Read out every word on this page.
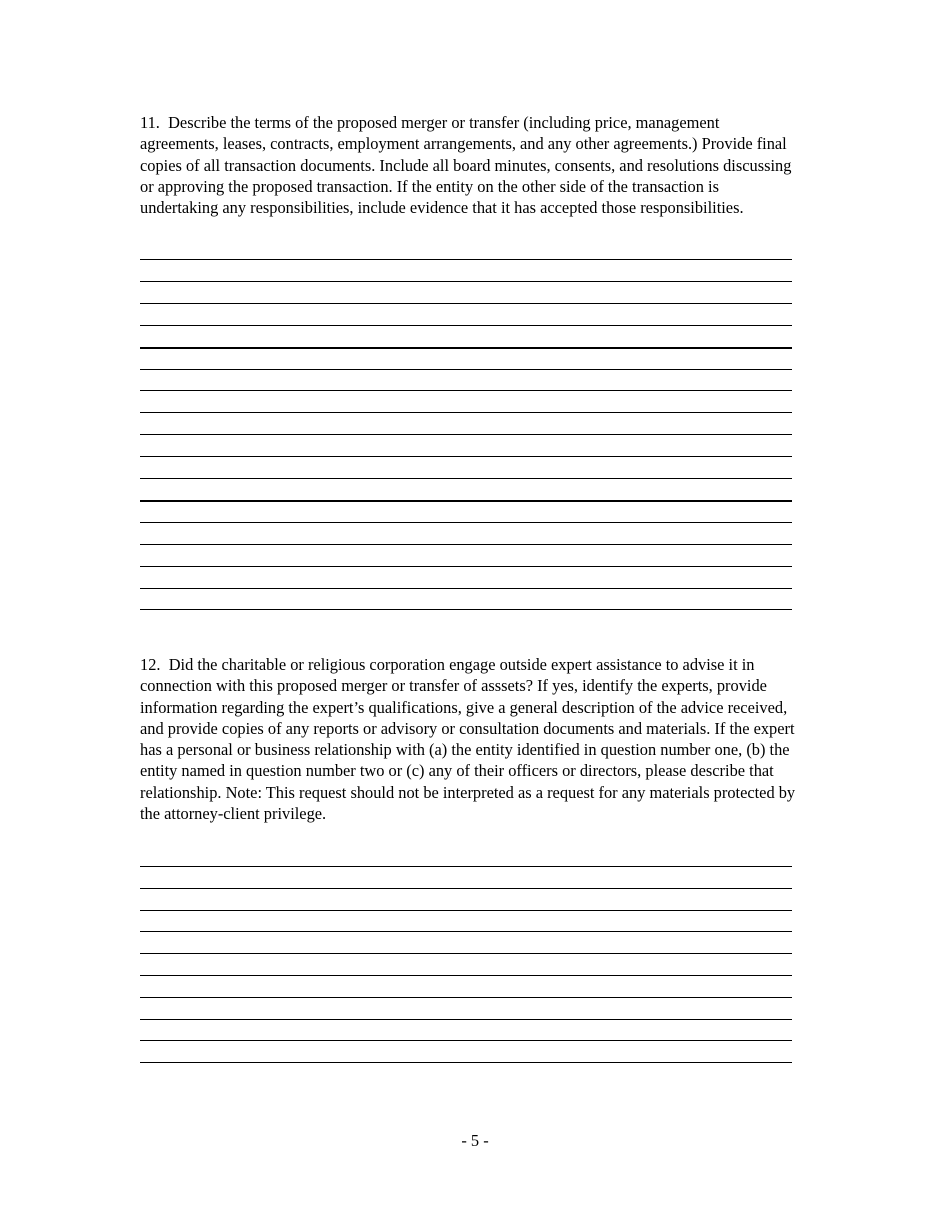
11. Describe the terms of the proposed merger or transfer (including price, management agreements, leases, contracts, employment arrangements, and any other agreements.) Provide final copies of all transaction documents. Include all board minutes, consents, and resolutions discussing or approving the proposed transaction. If the entity on the other side of the transaction is undertaking any responsibilities, include evidence that it has accepted those responsibilities.
12. Did the charitable or religious corporation engage outside expert assistance to advise it in connection with this proposed merger or transfer of asssets? If yes, identify the experts, provide information regarding the expert’s qualifications, give a general description of the advice received, and provide copies of any reports or advisory or consultation documents and materials. If the expert has a personal or business relationship with (a) the entity identified in question number one, (b) the entity named in question number two or (c) any of their officers or directors, please describe that relationship. Note: This request should not be interpreted as a request for any materials protected by the attorney-client privilege.
- 5 -
